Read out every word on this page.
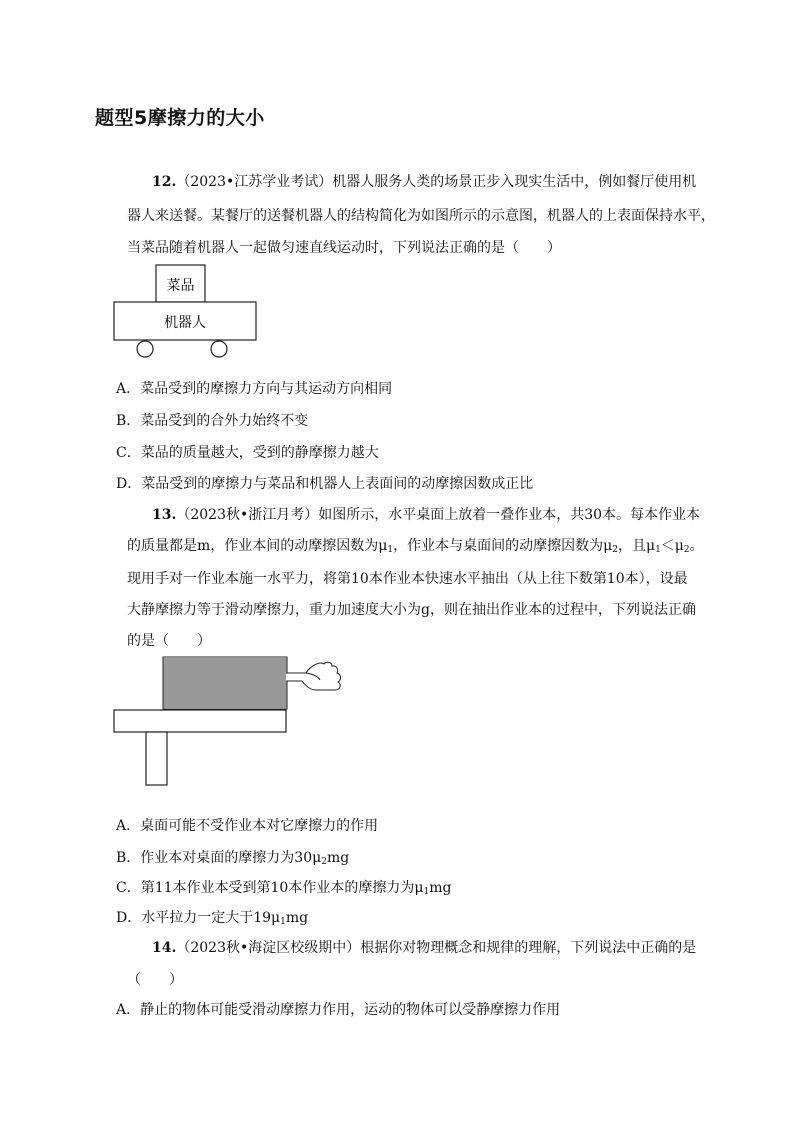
题型5摩擦力的大小
12.（2023•江苏学业考试）机器人服务人类的场景正步入现实生活中，例如餐厅使用机
器人来送餐。某餐厅的送餐机器人的结构简化为如图所示的示意图，机器人的上表面保持水平，
当菜品随着机器人一起做匀速直线运动时，下列说法正确的是（　　）
菜品
机器人
A．菜品受到的摩擦力方向与其运动方向相同
B．菜品受到的合外力始终不变
C．菜品的质量越大，受到的静摩擦力越大
D．菜品受到的摩擦力与菜品和机器人上表面间的动摩擦因数成正比
13.（2023秋•浙江月考）如图所示，水平桌面上放着一叠作业本，共30本。每本作业本
的质量都是m，作业本间的动摩擦因数为$\mu_1$，作业本与桌面间的动摩擦因数为$\mu_2$，且$\mu_1<\mu_2$。
现用手对一作业本施一水平力，将第10本作业本快速水平抽出（从上往下数第10本），设最
大静摩擦力等于滑动摩擦力，重力加速度大小为g，则在抽出作业本的过程中，下列说法正确
的是（　　）
A．桌面可能不受作业本对它摩擦力的作用
B．作业本对桌面的摩擦力为$30\mu_2mg$
C．第11本作业本受到第10本作业本的摩擦力为$\mu_1mg$
D．水平拉力一定大于$19\mu_1mg$
14.（2023秋•海淀区校级期中）根据你对物理概念和规律的理解，下列说法中正确的是
（　　）
A．静止的物体可能受滑动摩擦力作用，运动的物体可以受静摩擦力作用
